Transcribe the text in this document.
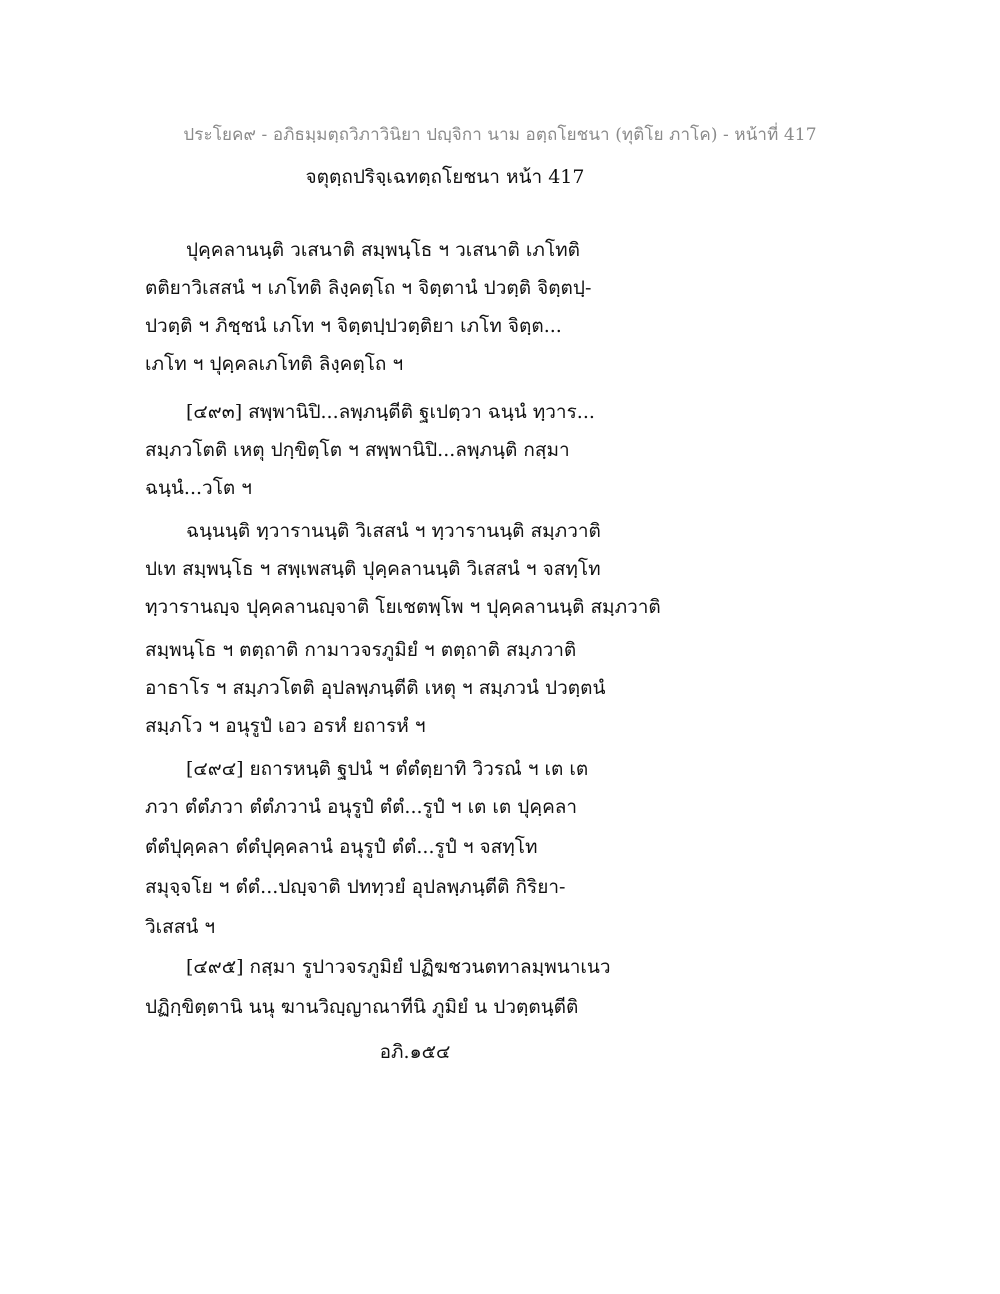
ประโยค๙ - อภิธมฺมตฺถวิภาวินิยา ปญฺจิกา นาม อตฺถโยชนา (ทุติโย ภาโค) - หน้าที่ 417
จตุตฺถปริจฺเฉทตฺถโยชนา หน้า 417
ปุคฺคลานนฺติ วเสนาติ สมฺพนฺโธ ฯ วเสนาติ เภโทติ
ตติยาวิเสสนํ ฯ เภโทติ ลิงฺคตฺโถ ฯ จิตฺตานํ ปวตฺติ จิตฺตปฺ-
ปวตฺติ ฯ ภิชฺชนํ เภโท ฯ จิตฺตปฺปวตฺติยา เภโท จิตฺต...
เภโท ฯ ปุคฺคลเภโทติ ลิงฺคตฺโถ ฯ
[๔๙๓] สพฺพานิปิ...ลพฺภนฺตีติ ฐเปตฺวา ฉนฺนํ ทฺวาร...
สมฺภวโตติ เหตุ ปกฺขิตฺโต ฯ สพฺพานิปิ...ลพฺภนฺติ กสฺมา
ฉนฺนํ...วโต ฯ
ฉนฺนนฺติ ทฺวารานนฺติ วิเสสนํ ฯ ทฺวารานนฺติ สมฺภวาติ
ปเท สมฺพนฺโธ ฯ สพฺเพสนฺติ ปุคฺคลานนฺติ วิเสสนํ ฯ จสทฺโท
ทฺวารานญฺจ ปุคฺคลานญฺจาติ โยเชตพฺโพ ฯ ปุคฺคลานนฺติ สมฺภวาติ
สมฺพนฺโธ ฯ ตตฺถาติ กามาวจรภูมิยํ ฯ ตตฺถาติ สมฺภวาติ
อาธาโร ฯ สมฺภวโตติ อุปลพฺภนฺตีติ เหตุ ฯ สมฺภวนํ ปวตฺตนํ
สมฺภโว ฯ อนุรูปํ เอว อรหํ ยถารหํ ฯ
[๔๙๔] ยถารหนฺติ ฐปนํ ฯ ตํตํตฺยาทิ วิวรณํ ฯ เต เต
ภวา ตํตํภวา ตํตํภวานํ อนุรูปํ ตํตํ...รูปํ ฯ เต เต ปุคฺคลา
ตํตํปุคฺคลา ตํตํปุคฺคลานํ อนุรูปํ ตํตํ...รูปํ ฯ จสทฺโท
สมุจฺจโย ฯ ตํตํ...ปญฺจาติ ปททฺวยํ อุปลพฺภนฺตีติ กิริยา-
วิเสสนํ ฯ
[๔๙๕] กสฺมา รูปาวจรภูมิยํ ปฏิฆชวนตทาลมฺพนาเนว
ปฏิกฺขิตฺตานิ นนุ ฆานวิญฺญาณาทีนิ ภูมิยํ น ปวตฺตนฺตีติ
อภิ.๑๕๔
